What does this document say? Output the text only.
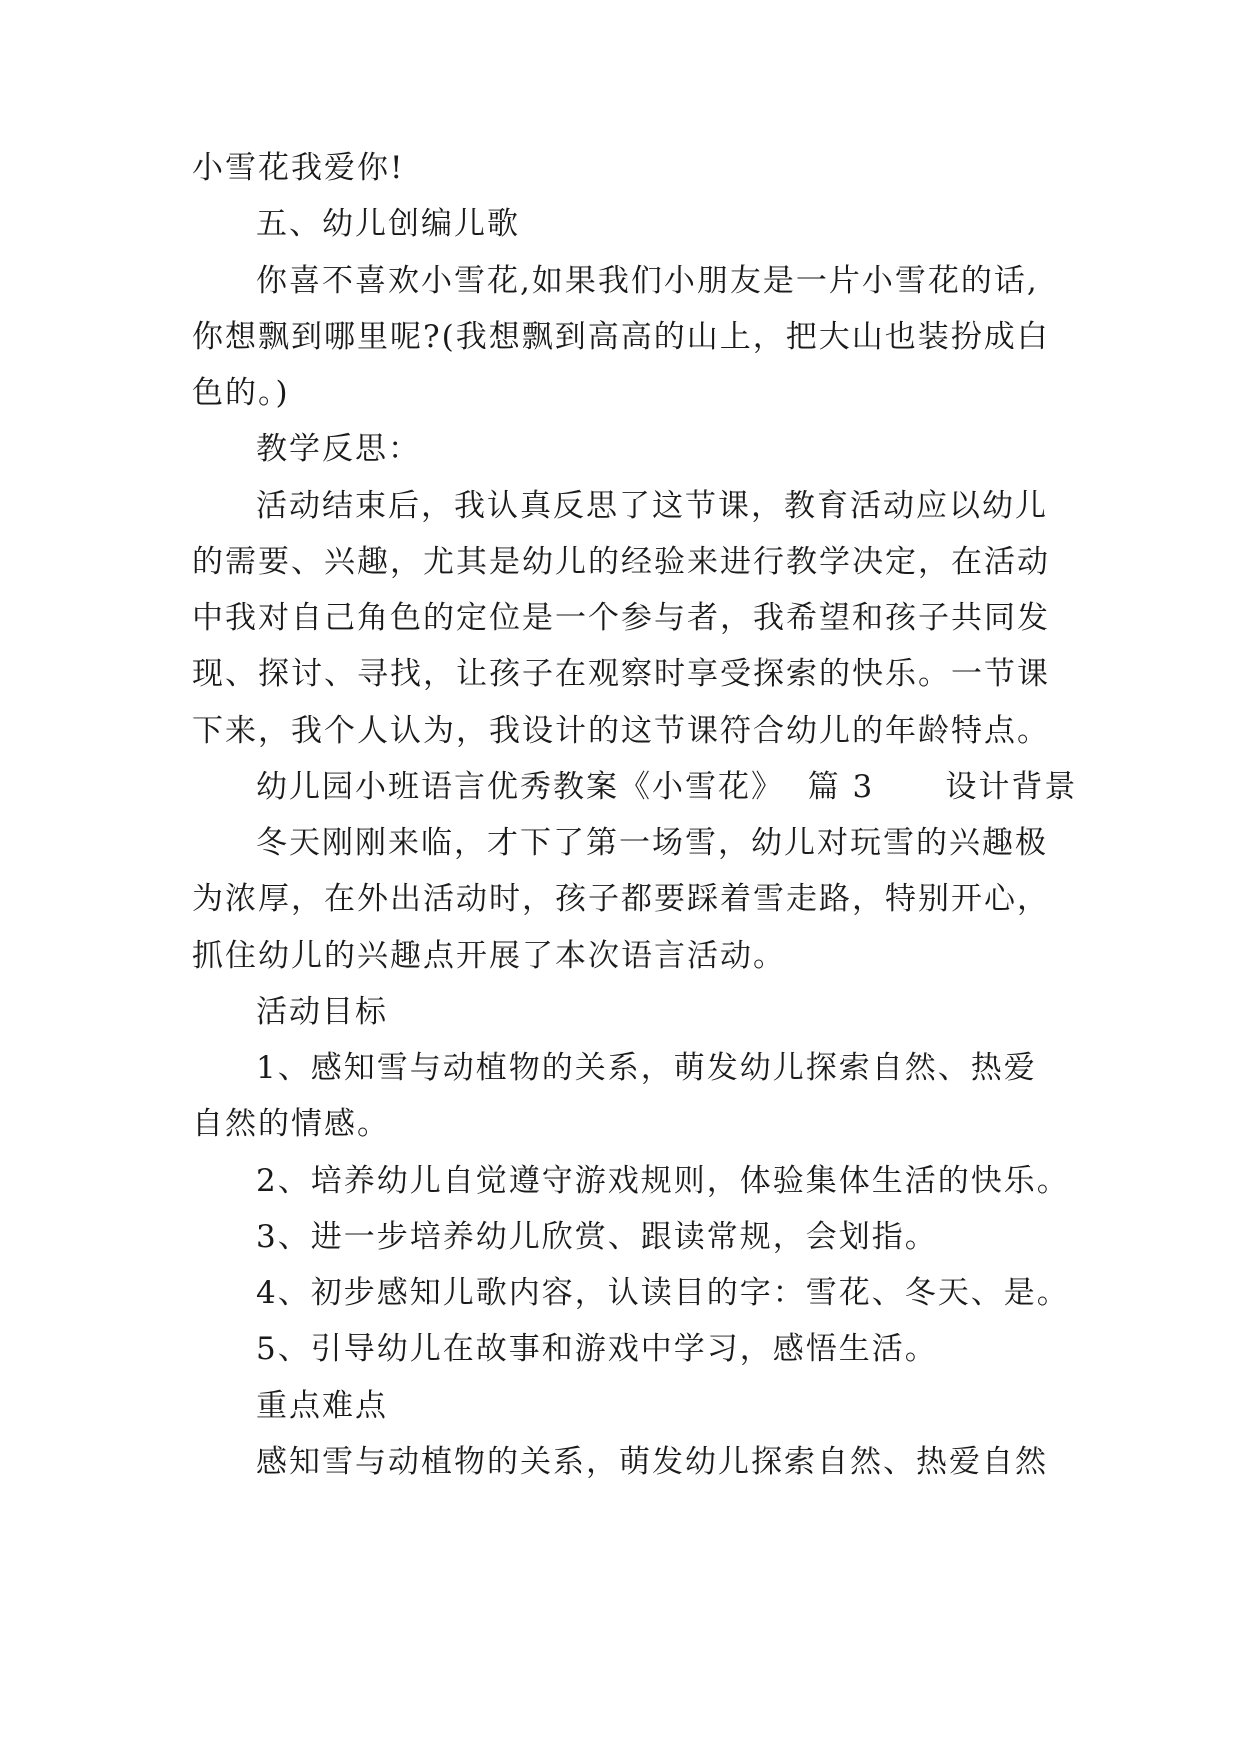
小雪花我爱你!
五、幼儿创编儿歌
你喜不喜欢小雪花,如果我们小朋友是一片小雪花的话,
你想飘到哪里呢?(我想飘到高高的山上，把大山也装扮成白
色的。)
教学反思：
活动结束后，我认真反思了这节课，教育活动应以幼儿
的需要、兴趣，尤其是幼儿的经验来进行教学决定，在活动
中我对自己角色的定位是一个参与者，我希望和孩子共同发
现、探讨、寻找，让孩子在观察时享受探索的快乐。一节课
下来，我个人认为，我设计的这节课符合幼儿的年龄特点。
幼儿园小班语言优秀教案《小雪花》  篇 3      设计背景
冬天刚刚来临，才下了第一场雪，幼儿对玩雪的兴趣极
为浓厚，在外出活动时，孩子都要踩着雪走路，特别开心，
抓住幼儿的兴趣点开展了本次语言活动。
活动目标
1、感知雪与动植物的关系，萌发幼儿探索自然、热爱
自然的情感。
2、培养幼儿自觉遵守游戏规则，体验集体生活的快乐。
3、进一步培养幼儿欣赏、跟读常规，会划指。
4、初步感知儿歌内容，认读目的字：雪花、冬天、是。
5、引导幼儿在故事和游戏中学习，感悟生活。
重点难点
感知雪与动植物的关系，萌发幼儿探索自然、热爱自然
